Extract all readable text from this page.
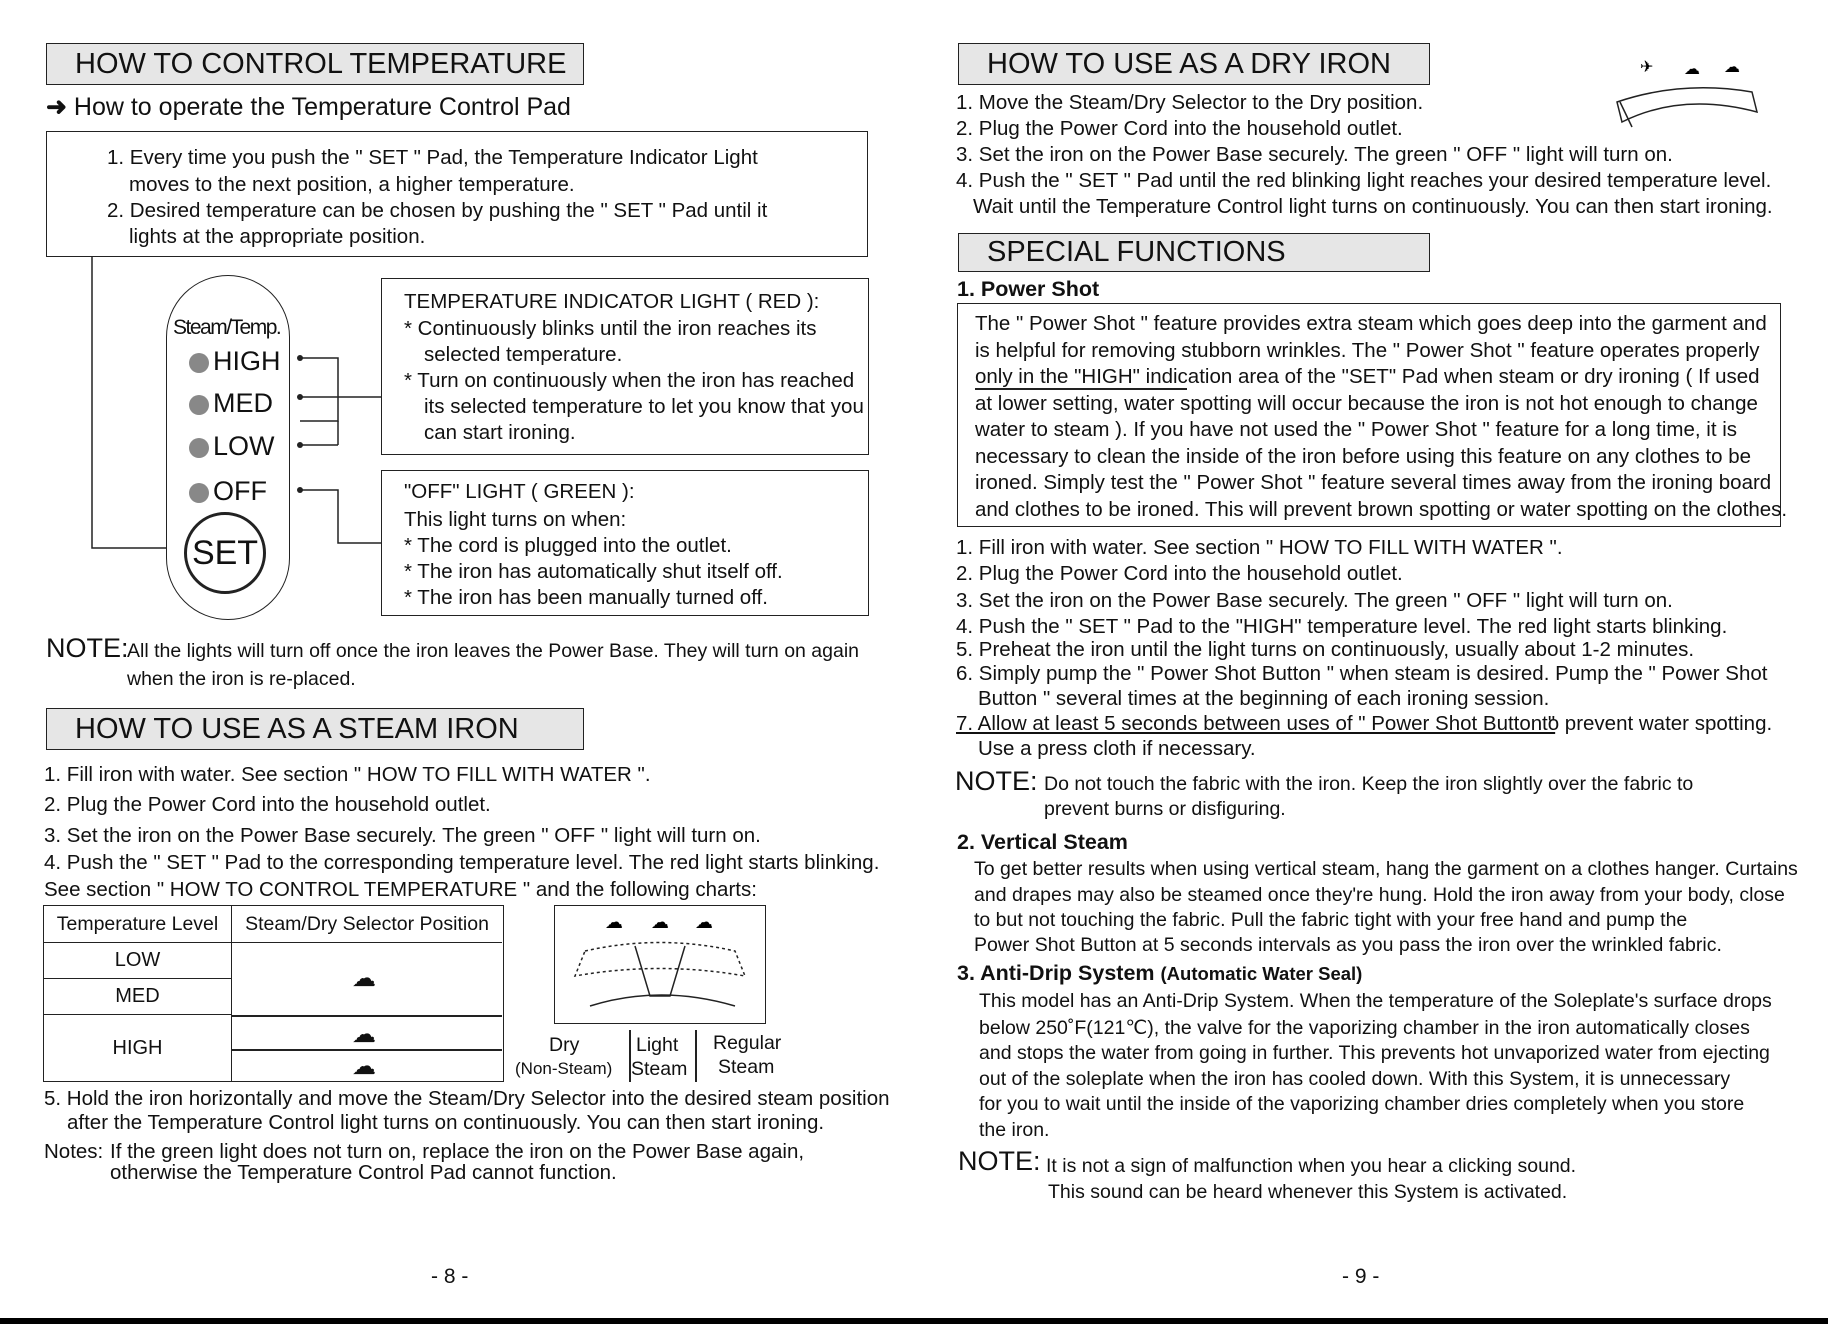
HOW TO CONTROL TEMPERATURE
➜ How to operate the Temperature Control Pad
1. Every time you push the " SET " Pad, the Temperature Indicator Light
moves to the next position, a higher temperature.
2. Desired temperature can be chosen by pushing the " SET " Pad until it
lights at the appropriate position.
Steam/Temp.
HIGH
MED
LOW
OFF
SET
TEMPERATURE INDICATOR LIGHT ( RED ):
* Continuously blinks until the iron reaches its
selected temperature.
* Turn on continuously when the iron has reached
its selected temperature to let you know that you
can start ironing.
"OFF" LIGHT ( GREEN ):
This light turns on when:
* The cord is plugged into the outlet.
* The iron has automatically shut itself off.
* The iron has been manually turned off.
NOTE:
All the lights will turn off once the iron leaves the Power Base. They will turn on again
when the iron is re-placed.
HOW TO USE AS A STEAM IRON
1. Fill iron with water. See section " HOW TO FILL WITH WATER ".
2. Plug the Power Cord into the household outlet.
3. Set the iron on the Power Base securely. The green " OFF " light will turn on.
4. Push the " SET " Pad to the corresponding temperature level. The red light starts blinking.
See section " HOW TO CONTROL TEMPERATURE " and the following charts:
Temperature Level	Steam/Dry Selector Position
LOW
MED
HIGH
☁
☁
☁
☁ ☁ ☁
Dry
(Non-Steam)
Light
Steam
Regular
Steam
5. Hold the iron horizontally and move the Steam/Dry Selector into the desired steam position
after the Temperature Control light turns on continuously. You can then start ironing.
Notes: If the green light does not turn on, replace the iron on the Power Base again,
otherwise the Temperature Control Pad cannot function.
- 8 -
HOW TO USE AS A DRY IRON	✈ ☁ ☁
1. Move the Steam/Dry Selector to the Dry position.
2. Plug the Power Cord into the household outlet.
3. Set the iron on the Power Base securely. The green " OFF " light will turn on.
4. Push the " SET " Pad until the red blinking light reaches your desired temperature level.
Wait until the Temperature Control light turns on continuously. You can then start ironing.
SPECIAL FUNCTIONS
1. Power Shot
The " Power Shot " feature provides extra steam which goes deep into the garment and
is helpful for removing stubborn wrinkles. The " Power Shot " feature operates properly
only in the "HIGH" indication area of the "SET" Pad when steam or dry ironing ( If used
at lower setting, water spotting will occur because the iron is not hot enough to change
water to steam ). If you have not used the " Power Shot " feature for a long time, it is
necessary to clean the inside of the iron before using this feature on any clothes to be
ironed. Simply test the " Power Shot " feature several times away from the ironing board
and clothes to be ironed. This will prevent brown spotting or water spotting on the clothes.
1. Fill iron with water. See section " HOW TO FILL WITH WATER ".
2. Plug the Power Cord into the household outlet.
3. Set the iron on the Power Base securely. The green " OFF " light will turn on.
4. Push the " SET " Pad to the "HIGH" temperature level. The red light starts blinking.
5. Preheat the iron until the light turns on continuously, usually about 1-2 minutes.
6. Simply pump the " Power Shot Button " when steam is desired. Pump the " Power Shot
Button " several times at the beginning of each ironing session.
7. Allow at least 5 seconds between uses of " Power Shot Button "
to prevent water spotting.
Use a press cloth if necessary.
NOTE: Do not touch the fabric with the iron. Keep the iron slightly over the fabric to
prevent burns or disfiguring.
2. Vertical Steam
To get better results when using vertical steam, hang the garment on a clothes hanger. Curtains
and drapes may also be steamed once they're hung. Hold the iron away from your body, close
to but not touching the fabric. Pull the fabric tight with your free hand and pump the
Power Shot Button at 5 seconds intervals as you pass the iron over the wrinkled fabric.
3. Anti-Drip System (Automatic Water Seal)
This model has an Anti-Drip System. When the temperature of the Soleplate's surface drops
below 250˚F(121℃), the valve for the vaporizing chamber in the iron automatically closes
and stops the water from going in further. This prevents hot unvaporized water from ejecting
out of the soleplate when the iron has cooled down. With this System, it is unnecessary
for you to wait until the inside of the vaporizing chamber dries completely when you store
the iron.
NOTE: It is not a sign of malfunction when you hear a clicking sound.
This sound can be heard whenever this System is activated.
- 9 -
